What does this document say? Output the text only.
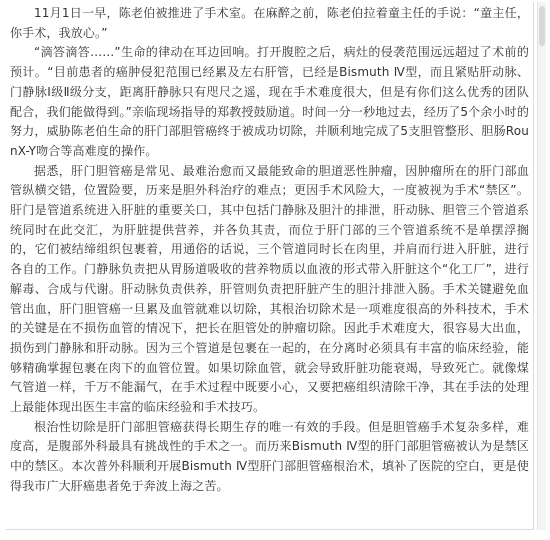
11月1日一早，陈老伯被推进了手术室。在麻醉之前，陈老伯拉着童主任的手说：“童主任，你手术，我放心。”

“滴答滴答……”生命的律动在耳边回响。打开腹腔之后，病灶的侵袭范围远远超过了术前的预计。“目前患者的癌肿侵犯范围已经累及左右肝管，已经是Bismuth Ⅳ型，而且紧贴肝动脉、门静脉Ⅰ级Ⅱ级分支，距离肝静脉只有咫尺之遥，现在手术难度很大，但是有你们这么优秀的团队配合，我们能做得到。”亲临现场指导的郑教授鼓励道。时间一分一秒地过去，经历了5个余小时的努力，威胁陈老伯生命的肝门部胆管癌终于被成功切除，并顺利地完成了5支胆管整形、胆肠RounX-Y吻合等高难度的操作。

据悉，肝门胆管癌是常见、最难治愈而又最能致命的胆道恶性肿瘤，因肿瘤所在的肝门部血管纵横交错，位置险要，历来是胆外科治疗的难点；更因手术风险大，一度被视为手术“禁区”。肝门是管道系统进入肝脏的重要关口，其中包括门静脉及胆汁的排泄，肝动脉、胆管三个管道系统同时在此交汇，为肝脏提供营养，并各负其责，而位于肝门部的三个管道系统不是单摆浮搁的，它们被结缔组织包裹着，用通俗的话说，三个管道同时长在肉里，并肩而行进入肝脏，进行各自的工作。门静脉负责把从胃肠道吸收的营养物质以血液的形式带入肝脏这个“化工厂”，进行解毒、合成与代谢。肝动脉负责供养，肝管则负责把肝脏产生的胆汁排泄入肠。手术关键避免血管出血，肝门胆管癌一旦累及血管就难以切除，其根治切除术是一项难度很高的外科技术，手术的关键是在不损伤血管的情况下，把长在胆管处的肿瘤切除。因此手术难度大，很容易大出血，损伤到门静脉和肝动脉。因为三个管道是包裹在一起的，在分离时必须具有丰富的临床经验，能够精确掌握包裹在肉下的血管位置。如果切除血管，就会导致肝脏功能衰竭，导致死亡。就像煤气管道一样，千万不能漏气，在手术过程中既要小心，又要把癌组织清除干净，其在手法的处理上最能体现出医生丰富的临床经验和手术技巧。

根治性切除是肝门部胆管癌获得长期生存的唯一有效的手段。但是胆管癌手术复杂多样，难度高，是腹部外科最具有挑战性的手术之一。而历来Bismuth Ⅳ型的肝门部胆管癌被认为是禁区中的禁区。本次普外科顺利开展Bismuth Ⅳ型肝门部胆管癌根治术，填补了医院的空白，更是使得我市广大肝癌患者免于奔波上海之苦。
